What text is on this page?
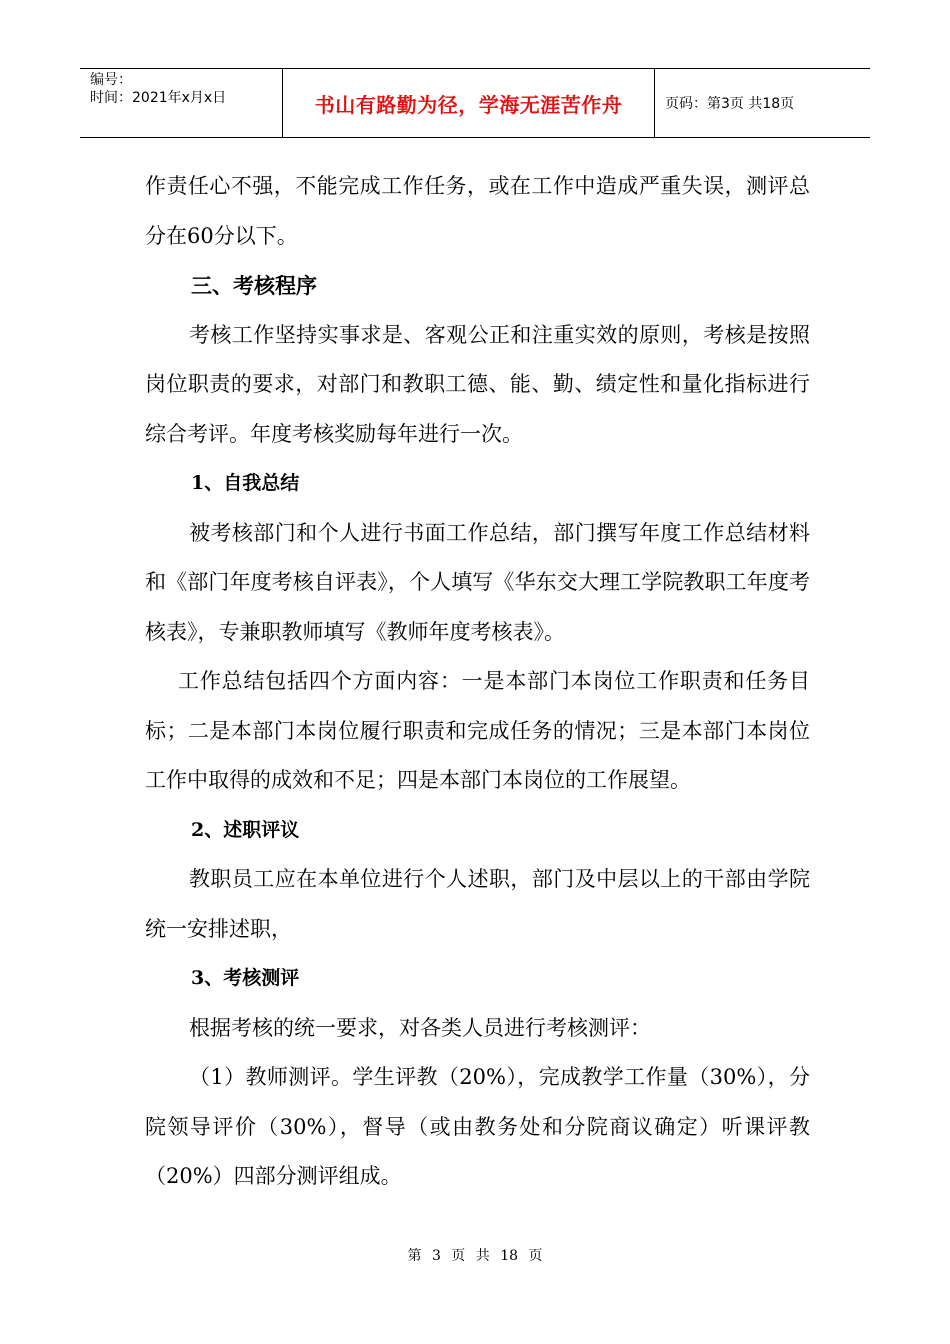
编号：
时间：2021年x月x日	书山有路勤为径，学海无涯苦作舟	页码：第3页 共18页

作责任心不强，不能完成工作任务，或在工作中造成严重失误，测评总分在60分以下。

三、考核程序

考核工作坚持实事求是、客观公正和注重实效的原则，考核是按照岗位职责的要求，对部门和教职工德、能、勤、绩定性和量化指标进行综合考评。年度考核奖励每年进行一次。

1、自我总结

被考核部门和个人进行书面工作总结，部门撰写年度工作总结材料和《部门年度考核自评表》，个人填写《华东交大理工学院教职工年度考核表》，专兼职教师填写《教师年度考核表》。

工作总结包括四个方面内容：一是本部门本岗位工作职责和任务目标；二是本部门本岗位履行职责和完成任务的情况；三是本部门本岗位工作中取得的成效和不足；四是本部门本岗位的工作展望。

2、述职评议

教职员工应在本单位进行个人述职，部门及中层以上的干部由学院统一安排述职，

3、考核测评

根据考核的统一要求，对各类人员进行考核测评：

（1）教师测评。学生评教（20%），完成教学工作量（30%），分院领导评价（30%），督导（或由教务处和分院商议确定）听课评教（20%）四部分测评组成。

第 3 页 共 18 页
